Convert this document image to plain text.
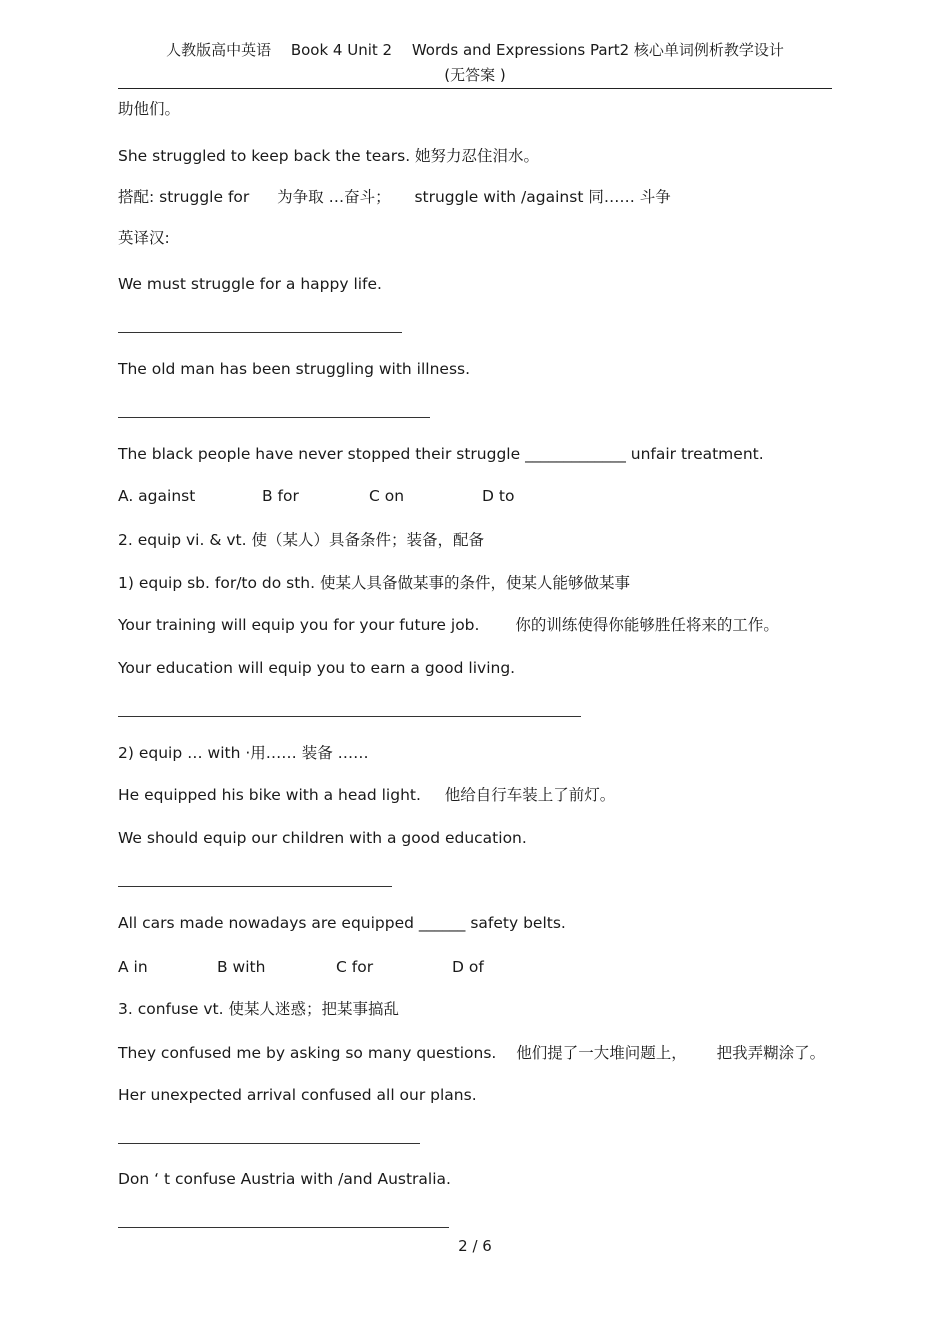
人教版高中英语　 Book 4 Unit 2　 Words and Expressions Part2 核心单词例析教学设计
(无答案 )
助他们。
She struggled to keep back the tears. 她努力忍住泪水。
搭配: struggle for 为争取 …奋斗； struggle with /against 同…… 斗争
英译汉:
We must struggle for a happy life.
The old man has been struggling with illness.
The black people have never stopped their struggle _____________ unfair treatment.
A. against	B for	C on	D to
2. equip vi. & vt. 使（某人）具备条件；装备，配备
1) equip sb. for/to do sth. 使某人具备做某事的条件，使某人能够做某事
Your training will equip you for your future job. 你的训练使得你能够胜任将来的工作。
Your education will equip you to earn a good living.
2) equip … with ·用…… 装备 ……
He equipped his bike with a head light. 他给自行车装上了前灯。
We should equip our children with a good education.
All cars made nowadays are equipped ______ safety belts.
A in	B with	C for	D of
3. confuse vt. 使某人迷惑；把某事搞乱
They confused me by asking so many questions. 他们提了一大堆问题上， 把我弄糊涂了。
Her unexpected arrival confused all our plans.
Don ‘ t confuse Austria with /and Australia.
2 / 6
